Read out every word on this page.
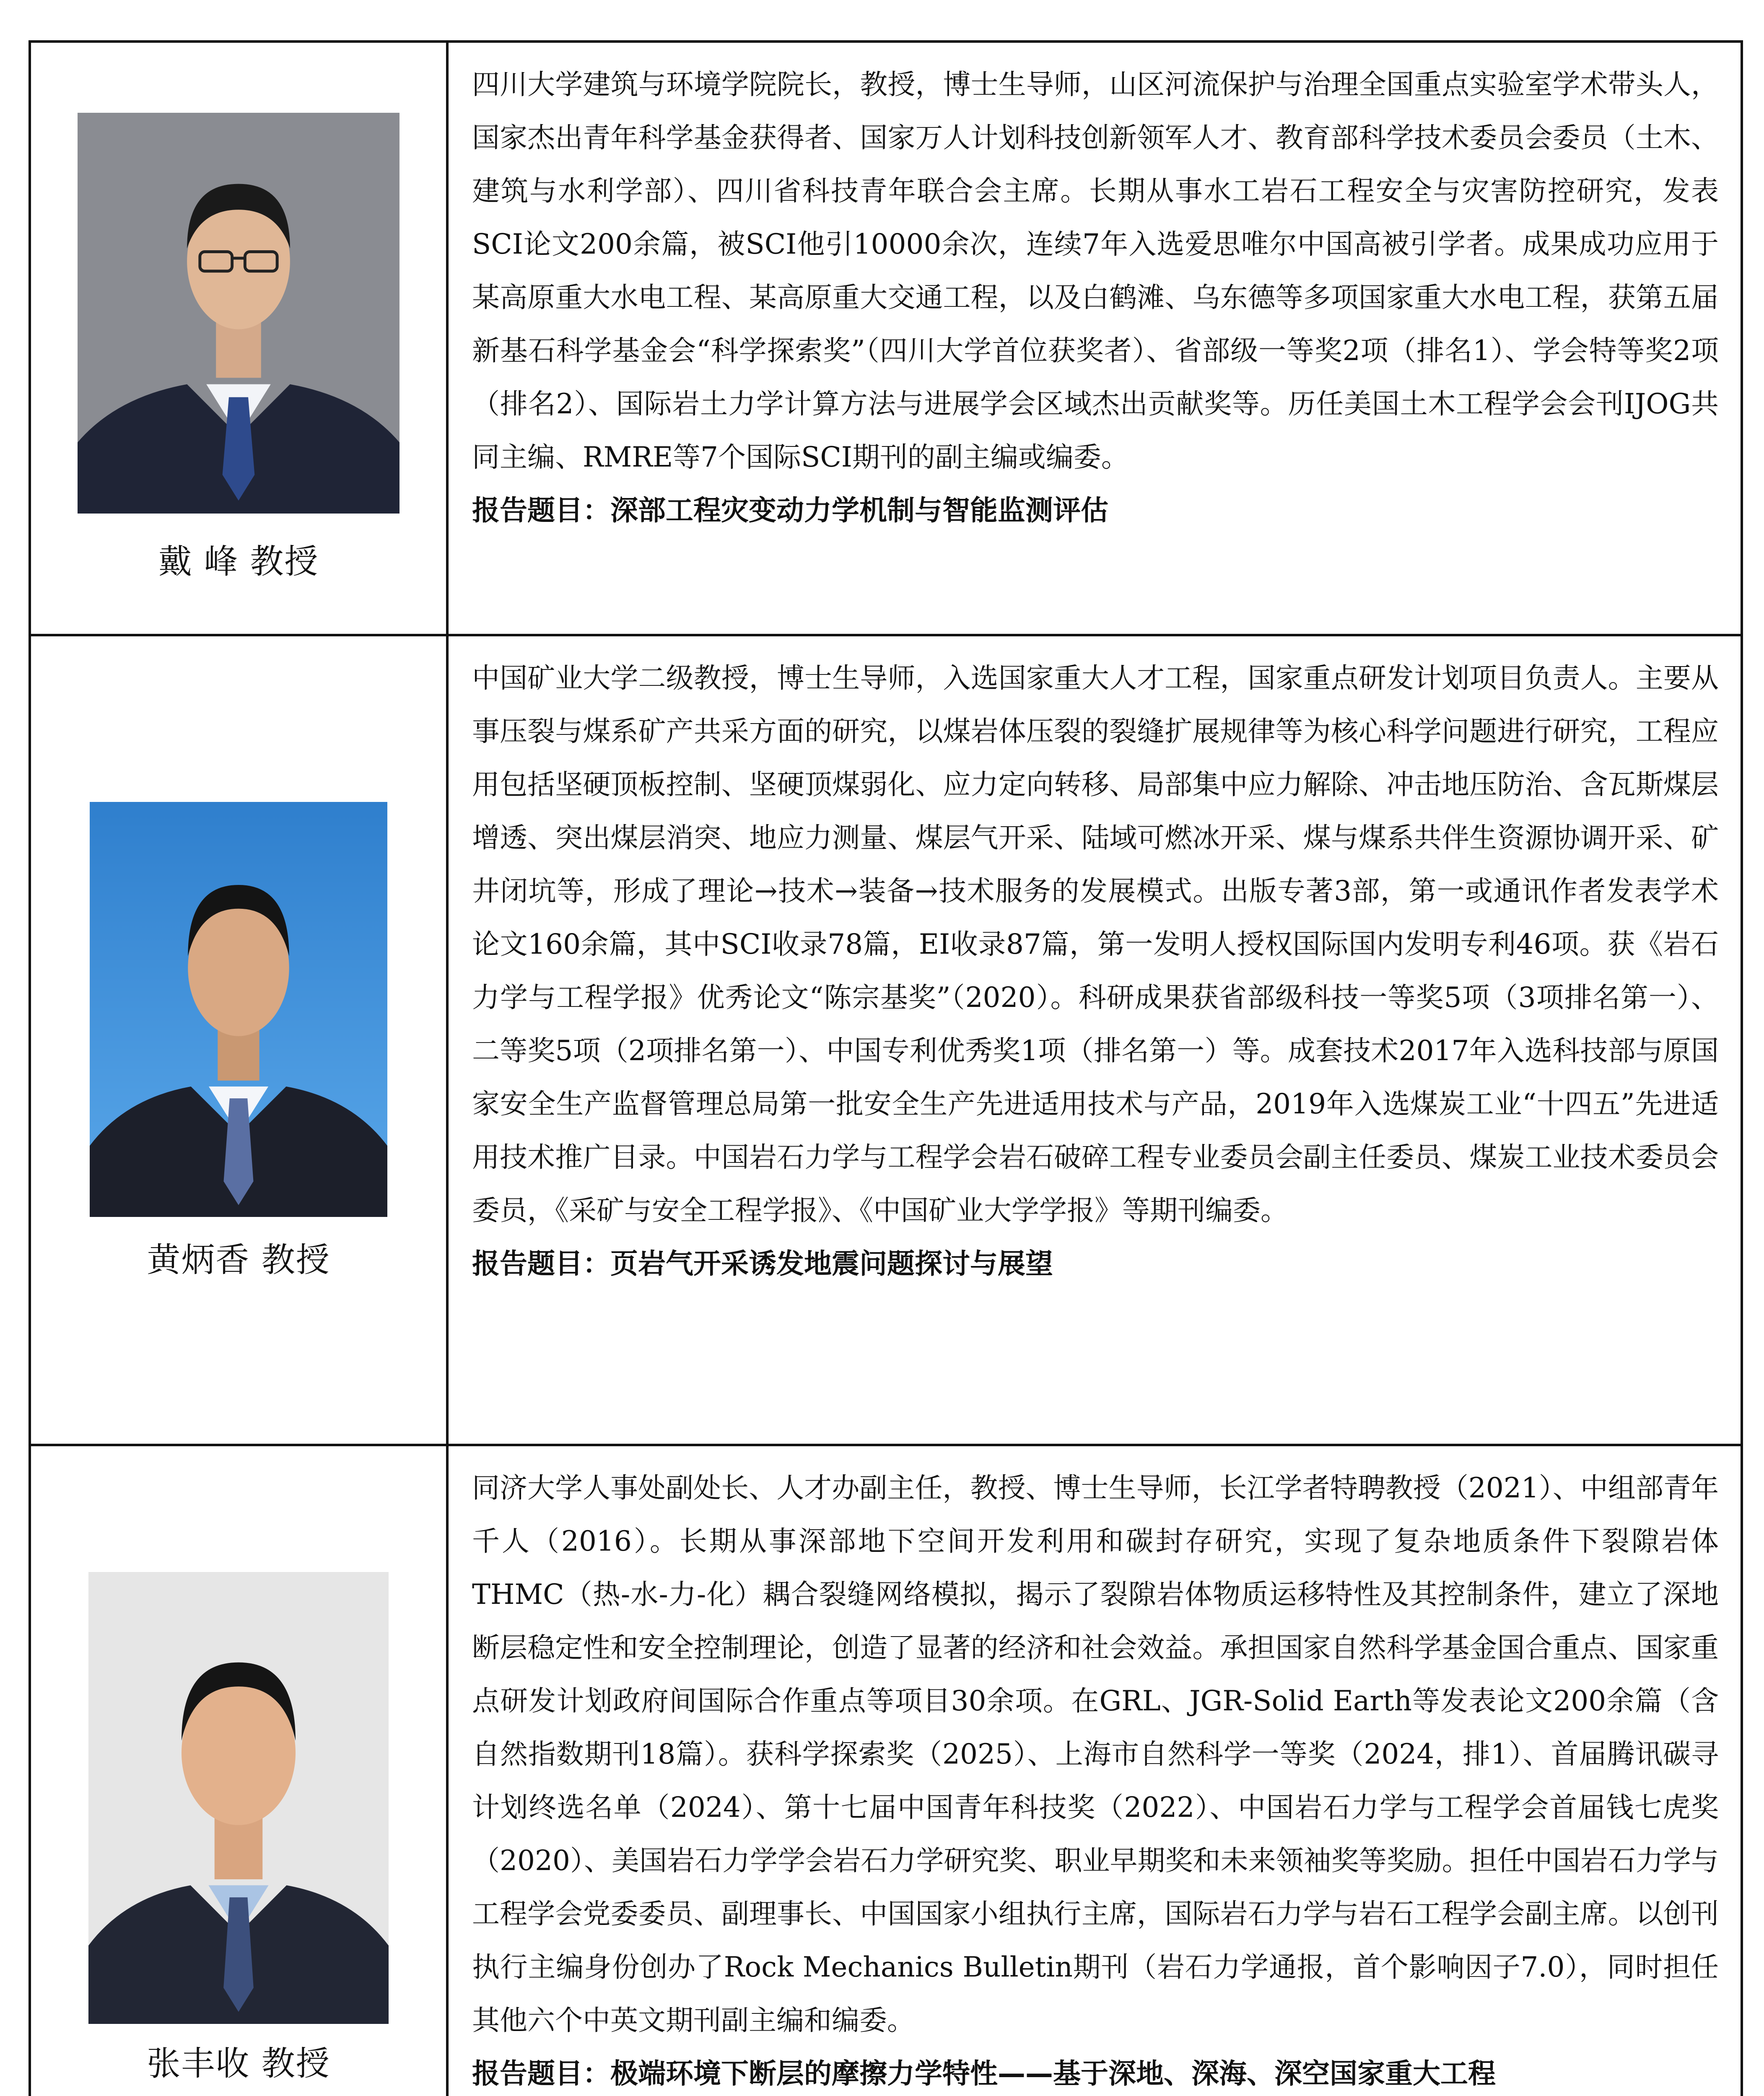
戴 峰 教授	四川大学建筑与环境学院院长，教授，博士生导师，山区河流保护与治理全国重点实验室学术带头人，国家杰出青年科学基金获得者、国家万人计划科技创新领军人才、教育部科学技术委员会委员（土木、建筑与水利学部）、四川省科技青年联合会主席。长期从事水工岩石工程安全与灾害防控研究，发表SCI论文200余篇，被SCI他引10000余次，连续7年入选爱思唯尔中国高被引学者。成果成功应用于某高原重大水电工程、某高原重大交通工程，以及白鹤滩、乌东德等多项国家重大水电工程，获第五届新基石科学基金会“科学探索奖”（四川大学首位获奖者）、省部级一等奖2项（排名1）、学会特等奖2项（排名2）、国际岩土力学计算方法与进展学会区域杰出贡献奖等。历任美国土木工程学会会刊IJOG共同主编、RMRE等7个国际SCI期刊的副主编或编委。

报告题目：深部工程灾变动力学机制与智能监测评估

黄炳香 教授	中国矿业大学二级教授，博士生导师，入选国家重大人才工程，国家重点研发计划项目负责人。主要从事压裂与煤系矿产共采方面的研究，以煤岩体压裂的裂缝扩展规律等为核心科学问题进行研究，工程应用包括坚硬顶板控制、坚硬顶煤弱化、应力定向转移、局部集中应力解除、冲击地压防治、含瓦斯煤层增透、突出煤层消突、地应力测量、煤层气开采、陆域可燃冰开采、煤与煤系共伴生资源协调开采、矿井闭坑等，形成了理论→技术→装备→技术服务的发展模式。出版专著3部，第一或通讯作者发表学术论文160余篇，其中SCI收录78篇，EI收录87篇，第一发明人授权国际国内发明专利46项。获《岩石力学与工程学报》优秀论文“陈宗基奖”（2020）。科研成果获省部级科技一等奖5项（3项排名第一）、二等奖5项（2项排名第一）、中国专利优秀奖1项（排名第一）等。成套技术2017年入选科技部与原国家安全生产监督管理总局第一批安全生产先进适用技术与产品，2019年入选煤炭工业“十四五”先进适用技术推广目录。中国岩石力学与工程学会岩石破碎工程专业委员会副主任委员、煤炭工业技术委员会委员，《采矿与安全工程学报》、《中国矿业大学学报》等期刊编委。

报告题目：页岩气开采诱发地震问题探讨与展望

张丰收 教授	同济大学人事处副处长、人才办副主任，教授、博士生导师，长江学者特聘教授（2021）、中组部青年千人（2016）。长期从事深部地下空间开发利用和碳封存研究，实现了复杂地质条件下裂隙岩体THMC（热-水-力-化）耦合裂缝网络模拟，揭示了裂隙岩体物质运移特性及其控制条件，建立了深地断层稳定性和安全控制理论，创造了显著的经济和社会效益。承担国家自然科学基金国合重点、国家重点研发计划政府间国际合作重点等项目30余项。在GRL、JGR-Solid Earth等发表论文200余篇（含自然指数期刊18篇）。获科学探索奖（2025）、上海市自然科学一等奖（2024，排1）、首届腾讯碳寻计划终选名单（2024）、第十七届中国青年科技奖（2022）、中国岩石力学与工程学会首届钱七虎奖（2020）、美国岩石力学学会岩石力学研究奖、职业早期奖和未来领袖奖等奖励。担任中国岩石力学与工程学会党委委员、副理事长、中国国家小组执行主席，国际岩石力学与岩石工程学会副主席。以创刊执行主编身份创办了Rock Mechanics Bulletin期刊（岩石力学通报，首个影响因子7.0），同时担任其他六个中英文期刊副主编和编委。

报告题目：极端环境下断层的摩擦力学特性——基于深地、深海、深空国家重大工程
